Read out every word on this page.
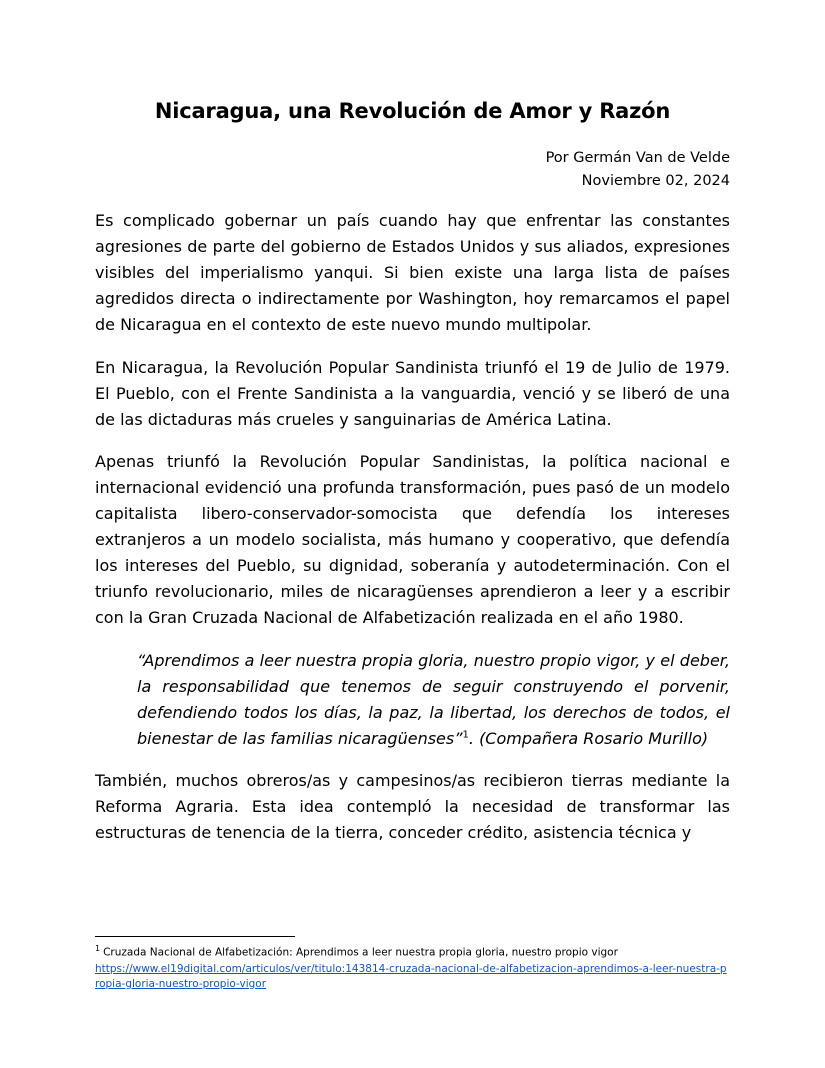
Nicaragua, una Revolución de Amor y Razón
Por Germán Van de Velde
Noviembre 02, 2024

Es complicado gobernar un país cuando hay que enfrentar las constantes agresiones de parte del gobierno de Estados Unidos y sus aliados, expresiones visibles del imperialismo yanqui. Si bien existe una larga lista de países agredidos directa o indirectamente por Washington, hoy remarcamos el papel de Nicaragua en el contexto de este nuevo mundo multipolar.

En Nicaragua, la Revolución Popular Sandinista triunfó el 19 de Julio de 1979. El Pueblo, con el Frente Sandinista a la vanguardia, venció y se liberó de una de las dictaduras más crueles y sanguinarias de América Latina.

Apenas triunfó la Revolución Popular Sandinistas, la política nacional e internacional evidenció una profunda transformación, pues pasó de un modelo capitalista libero-conservador-somocista que defendía los intereses extranjeros a un modelo socialista, más humano y cooperativo, que defendía los intereses del Pueblo, su dignidad, soberanía y autodeterminación. Con el triunfo revolucionario, miles de nicaragüenses aprendieron a leer y a escribir con la Gran Cruzada Nacional de Alfabetización realizada en el año 1980.

“Aprendimos a leer nuestra propia gloria, nuestro propio vigor, y el deber, la responsabilidad que tenemos de seguir construyendo el porvenir, defendiendo todos los días, la paz, la libertad, los derechos de todos, el bienestar de las familias nicaragüenses”$^1$. (Compañera Rosario Murillo)

También, muchos obreros/as y campesinos/as recibieron tierras mediante la Reforma Agraria. Esta idea contempló la necesidad de transformar las estructuras de tenencia de la tierra, conceder crédito, asistencia técnica y

$^1$ Cruzada Nacional de Alfabetización: Aprendimos a leer nuestra propia gloria, nuestro propio vigor
https://www.el19digital.com/articulos/ver/titulo:143814-cruzada-nacional-de-alfabetizacion-aprendimos-a-leer-nuestra-propia-gloria-nuestro-propio-vigor
